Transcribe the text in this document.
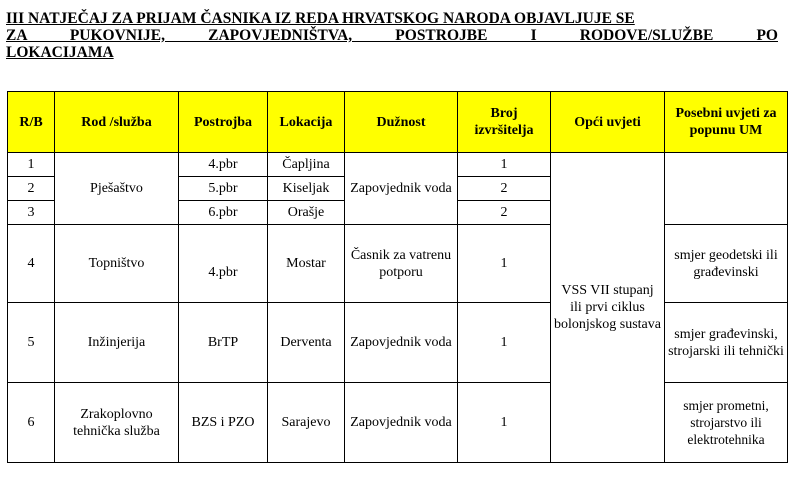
III NATJEČAJ ZA PRIJAM ČASNIKA IZ REDA HRVATSKOG NARODA OBJAVLJUJE SE
ZA PUKOVNIJE, ZAPOVJEDNIŠTVA, POSTROJBE I RODOVE/SLUŽBE PO
LOKACIJAMA
R/B	Rod /služba	Postrojba	Lokacija	Dužnost	Broj izvršitelja	Opći uvjeti	Posebni uvjeti za popunu UM
1	Pješaštvo	4.pbr	Čapljina	Zapovjednik voda	1	VSS VII stupanj ili prvi ciklus bolonjskog sustava	
2		5.pbr	Kiseljak		2		
3		6.pbr	Orašje		2		
4	Topništvo	4.pbr	Mostar	Časnik za vatrenu potporu	1		smjer geodetski ili građevinski
5	Inžinjerija	BrTP	Derventa	Zapovjednik voda	1		smjer građevinski, strojarski ili tehnički
6	Zrakoplovno tehnička služba	BZS i PZO	Sarajevo	Zapovjednik voda	1		smjer prometni, strojarstvo ili elektrotehnika
